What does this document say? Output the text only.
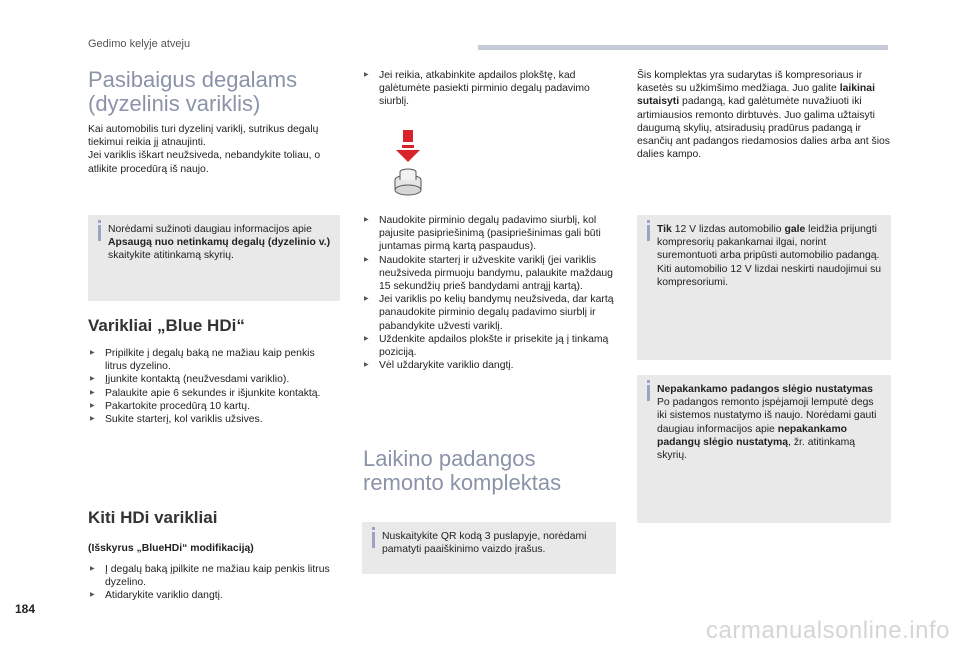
Gedimo kelyje atveju
Pasibaigus degalams
(dyzelinis variklis)

Kai automobilis turi dyzelinį variklį, sutrikus degalų tiekimui reikia jį atnaujinti.

Jei variklis iškart neužsiveda, nebandykite toliau, o atlikite procedūrą iš naujo.

Norėdami sužinoti daugiau informacijos apie Apsaugą nuo netinkamų degalų (dyzelinio v.) skaitykite atitinkamą skyrių.
Varikliai „Blue HDi“
▶ Pripilkite į degalų baką ne mažiau kaip penkis litrus dyzelino.
▶ Įjunkite kontaktą (neužvesdami variklio).
▶ Palaukite apie 6 sekundes ir išjunkite kontaktą.
▶ Pakartokite procedūrą 10 kartų.
▶ Sukite starterį, kol variklis užsives.
Kiti HDi varikliai
(Išskyrus „BlueHDi“ modifikaciją)
▶ Į degalų baką įpilkite ne mažiau kaip penkis litrus dyzelino.
▶ Atidarykite variklio dangtį.
▶ Jei reikia, atkabinkite apdailos plokštę, kad galėtumėte pasiekti pirminio degalų padavimo siurblį.
▶ Naudokite pirminio degalų padavimo siurblį, kol pajusite pasipriešinimą (pasipriešinimas gali būti juntamas pirmą kartą paspaudus).
▶ Naudokite starterį ir užveskite variklį (jei variklis neužsiveda pirmuoju bandymu, palaukite maždaug 15 sekundžių prieš bandydami antrąjį kartą).
▶ Jei variklis po kelių bandymų neužsiveda, dar kartą panaudokite pirminio degalų padavimo siurblį ir pabandykite užvesti variklį.
▶ Uždenkite apdailos plokšte ir prisekite ją į tinkamą poziciją.
▶ Vėl uždarykite variklio dangtį.
Laikino padangos
remonto komplektas
Nuskaitykite QR kodą 3 puslapyje, norėdami pamatyti paaiškinimo vaizdo įrašus.
Šis komplektas yra sudarytas iš kompresoriaus ir kasetės su užkimšimo medžiaga. Juo galite laikinai sutaisyti padangą, kad galėtumėte nuvažiuoti iki artimiausios remonto dirbtuvės. Juo galima užtaisyti daugumą skylių, atsiradusių pradūrus padangą ir esančių ant padangos riedamosios dalies arba ant šios dalies kampo.
Tik 12 V lizdas automobilio gale leidžia prijungti kompresorių pakankamai ilgai, norint suremontuoti arba pripūsti automobilio padangą.
Kiti automobilio 12 V lizdai neskirti naudojimui su kompresoriumi.
Nepakankamo padangos slėgio nustatymas
Po padangos remonto įspėjamoji lemputė degs iki sistemos nustatymo iš naujo. Norėdami gauti daugiau informacijos apie nepakankamo padangų slėgio nustatymą, žr. atitinkamą skyrių.
184
carmanualsonline.info
